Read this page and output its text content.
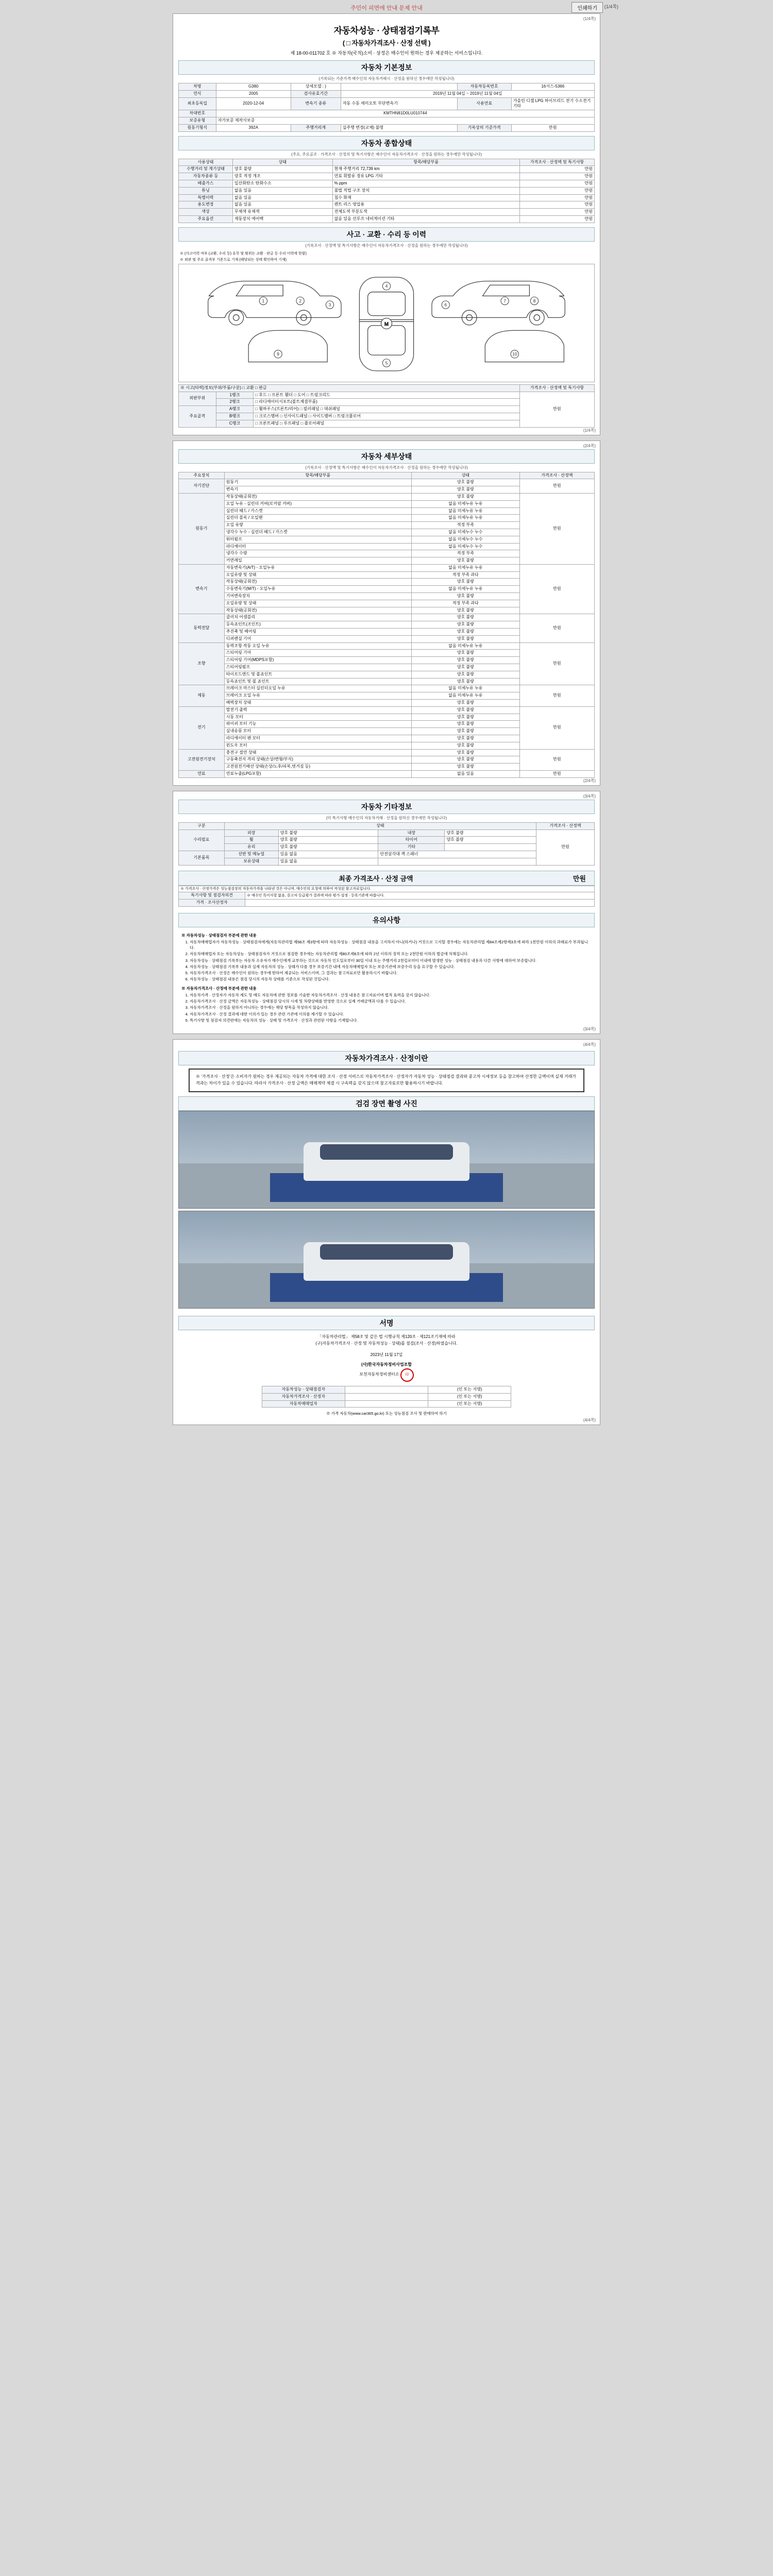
주민이 피면에 안내 문제 안내	인쇄하기	(1/4쪽)
(1/4쪽)
자동차성능 · 상태점검기록부
( □ 자동차가격조사 · 산정 선택 )
제 18-00-011702 호 ※ 자동차(국적)소비 · 상정은 매수인이 원하는 경우 제공하는 서비스입니다.
자동차 기본정보
(기록되는 기준가격 매수인의 자동차거래시 · 산정을 원하신 경우에만 작성됩니다)
차명	G380	상세모델 : )		자동차등록번호	16서스-5366
연식	2005	검사유효기간	2019년 11월 04일 ~ 2019년 11월 04일		
최초등록일	2020-12-04	변속기 종류	자동 수동 세미오토 무단변속기	사용연료	가솔린 디젤 LPG 하이브리드 전기 수소전기 기타
차대번호	KMTHN81D0LU010744				
보증유형	자가보증 제작사보증				
원동기형식	392A	주행거리계	실주행 변경(교체) 불명	기록상의 기준가격	만원
자동차 종합상태
(주요, 주요골조 · 가격조사 · 산정의 및 특기사항은 매수인이 자동차가격조사 · 산정을 원하는 경우에만 작성됩니다)
사용상태	상태	항목/해당부품	가격조사 · 산정액 및 특기사항
수행거리 및 계기상태	양호 불량	현재 주행거리 72,739 km	만원
자동차종류 등	양호 적정 개조	연료 휘발유 경유 LPG 기타	만원
배출가스	일산화탄소 탄화수소	% ppm	만원
튜닝	없음 있음	불법 적법 구조 장치	만원
특별이력	없음 있음	침수 화재	만원
용도변경	없음 있음	렌트 리스 영업용	만원
색상	무채색 유채색	전체도색 부분도색	만원
주요옵션	제동장치 에어백	없음 있음 선루프 네비게이션 기타	만원
사고 · 교환 · 수리 등 이력
(기록조사 · 산정액 및 특기사항은 매수인이 자동차가격조사 · 산정을 원하는 경우에만 작성됩니다)
※ (사고이력 여부 (교환, 수리 등) 유무 및 범위는 교환 · 판금 등 수리 이력에 한함)
※ 외판 및 주요 골격부 기준으로 기재 (해당되는 상태 확인하여 기재)
M
1	2
3
4
5
6
7	8
9	10
※ 시고(타력)정보(부위/부품/구분) □ 교환 □ 판금			가격조사 · 산정액 및 특기사항
외판부위	1랭크	□ 후드 □ 프론트 휀더 □ 도어 □ 트렁크리드	만원
	2랭크	□ 라디에이터서포트(볼트체결부품)	
주요골격	A랭크	□ 휠하우스(프론트/리어) □ 필러패널 □ 대쉬패널	
	B랭크	□ 크로스멤버 □ 인사이드패널 □ 사이드멤버 □ 트렁크플로어	
	C랭크	□ 프론트패널 □ 루프패널 □ 플로어패널	
(1/4쪽)
(2/4쪽)
자동차 세부상태
(기록조사 · 산정액 및 특기사항은 매수인이 자동차가격조사 · 산정을 원하는 경우에만 작성됩니다)
주요장치	항목/해당부품	상태	가격조사 · 산정액
자기진단	원동기	양호 불량	만원
	변속기	양호 불량	
원동기	작동상태(공회전)	양호 불량	만원
	오일 누유 - 실린더 커버(로커암 커버)	없음 미세누유 누유	
	실린더 헤드 / 가스켓	없음 미세누유 누유	
	실린더 블록 / 오일팬	없음 미세누유 누유	
	오일 유량	적정 부족	
	냉각수 누수 - 실린더 헤드 / 가스켓	없음 미세누수 누수	
	워터펌프	없음 미세누수 누수	
	라디에이터	없음 미세누수 누수	
	냉각수 수량	적정 부족	
	커먼레일	양호 불량	
변속기	자동변속기(A/T) - 오일누유	없음 미세누유 누유	만원
	오일유량 및 상태	적정 부족 과다	
	작동상태(공회전)	양호 불량	
	수동변속기(M/T) - 오일누유	없음 미세누유 누유	
	기어변속장치	양호 불량	
	오일유량 및 상태	적정 부족 과다	
	작동상태(공회전)	양호 불량	
동력전달	클러치 어셈블리	양호 불량	만원
	등속죠인트(조인트)	양호 불량	
	추진축 및 베어링	양호 불량	
	디퍼렌셜 기어	양호 불량	
조향	동력조항 작동 오일 누유	없음 미세누유 누유	만원
	스티어링 기어	양호 불량	
	스티어링 기어(MDPS포함)	양호 불량	
	스티어링펌프	양호 불량	
	타이로드엔드 및 볼죠인트	양호 불량	
	등속죠인트 및 볼 죠인트	양호 불량	
제동	브레이크 마스터 실린더오일 누유	없음 미세누유 누유	만원
	브레이크 오일 누유	없음 미세누유 누유	
	배력장치 상태	양호 불량	
전기	발전기 출력	양호 불량	만원
	시동 모터	양호 불량	
	와이퍼 모터 기능	양호 불량	
	실내송풍 모터	양호 불량	
	라디에이터 팬 모터	양호 불량	
	윈도우 모터	양호 불량	
고전원전기장치	충전구 절연 상태	양호 불량	만원
	구동축전지 격리 상태(손상/변형/부식)	양호 불량	
	고전원전기배선 상태(손상/노후/피복,벗겨짐 등)	양호 불량	
연료	연료누출(LPG포함)	없음 있음	만원
(2/4쪽)
(3/4쪽)
자동차 기타정보
(미 특기사항 매수인의 자동차거래 · 산정을 원하신 경우에만 작성됩니다)
구분	상태				가격조사 · 산정액
수리필요	외장	양호 불량	내장	양호 불량	만원
	휠	양호 불량	타이어	양호 불량	
	유리	양호 불량	기타		
기본품목	선반 및 메뉴얼	있음 없음	안전삼각대 잭 스패너		
	보유상태	있음 없음			
최종 가격조사 · 산정 금액	만원
※ 가격조사 · 산정가격은 성능점검장의 자동차가격을 나타낸 것은 아니며, 매수인의 요청에 의하여 작성된 참고자료입니다.	
특기사항 및 점검자의견	※ 매수인 특이사항 없음, 중고차 등급평가 결과에 따라 평가·설정 · 등록기준에 따릅니다.
가격 · 조사산정자	
유의사항
※ 자동차성능 · 상태점검자 부분에 관한 내용
1. 자동차매매업자가 자동차성능 · 상태점검자에게(자동차관리법 제58조 제3항에 따라 자동차성능 · 상태점검 내용을 고지하지 아니(하거나) 거짓으로 고지할 경우에는 자동차관리법 제84조제2항제3호에 따라 1천만원 이하의 과태료가 부과됩니다.
2. 자동차매매업자 또는 자동차성능 · 상태점검자가 거짓으로 점검한 경우에는 자동차관리법 제80조제6호에 따라 2년 이하의 징역 또는 2천만원 이하의 벌금에 처해집니다.
3. 자동차성능 · 상태점검 기록부는 자동차 소유자가 매수인에게 교부하는 것으로 자동차 인도일로부터 30일 이내 또는 주행거리 2천킬로미터 이내에 발생한 성능 · 상태점검 내용과 다른 사항에 대하여 보증합니다.
4. 자동차성능 · 상태점검 기록부 내용과 실제 자동차의 성능 · 상태가 다를 경우 보증기간 내에 자동차매매업자 또는 보증기관에 보증수리 등을 요구할 수 있습니다.
5. 자동차가격조사 · 산정은 매수인이 원하는 경우에 한하여 제공되는 서비스이며, 그 결과는 참고자료로만 활용하시기 바랍니다.
6. 자동차성능 · 상태점검 내용은 점검 당시의 자동차 상태를 기준으로 작성된 것입니다.
※ 자동차가격조사 · 산정에 부분에 관한 내용
1. 자동차가격 · 산정자가 자동차 제도 및 매도 자동차에 관한 정보를 기술한 자동차가격조사 · 산정 내용은 참고자료이며 법적 효력을 갖지 않습니다.
2. 자동차가격조사 · 산정 금액은 자동차성능 · 상태점검 당시의 시세 및 차량상태를 반영한 것으로 실제 거래금액과 다를 수 있습니다.
3. 자동차가격조사 · 산정을 원하지 아니하는 경우에는 해당 항목을 작성하지 않습니다.
4. 자동차가격조사 · 산정 결과에 대한 이의가 있는 경우 관련 기관에 이의를 제기할 수 있습니다.
5. 특기사항 및 점검자 의견란에는 자동차의 성능 · 상태 및 가격조사 · 산정과 관련된 사항을 기재합니다.
(3/4쪽)
(4/4쪽)
자동차가격조사 · 산정이란
※ ‘가격조사 · 산정’은 소비자가 원하는 경우 제공되는 자동차 가격에 대한 조사 · 산정 서비스로 자동차가격조사 · 산정자가 자동차 성능 · 상태점검 결과와 중고차 시세정보 등을 참고하여 산정한 금액이며 실제 거래가격과는 차이가 있을 수 있습니다. 따라서 가격조사 · 산정 금액은 매매계약 체결 시 구속력을 갖지 않으며 참고자료로만 활용하시기 바랍니다.
검검 장면 촬영 사진
서명
「자동차관리법」 제58조 및 같은 법 시행규칙 제120조 · 제121조기재에 따라
(구)자동차가격조사 · 산정 및 자동차성능 · 상태)를 점검(조사 · 산정)하였습니다.
2023년 11월 17일
(사)한국자동차정비사업조합
보천자동차정비센터소 印
자동차성능 · 상태점검자		(인 또는 서명)
자동차가격조사 · 산정자		(인 또는 서명)
자동차매매업자		(인 또는 서명)
※ 가격 자동차(www.car365.go.kr) 또는 성능점검 조사 및 판매하여 하기
(4/4쪽)
